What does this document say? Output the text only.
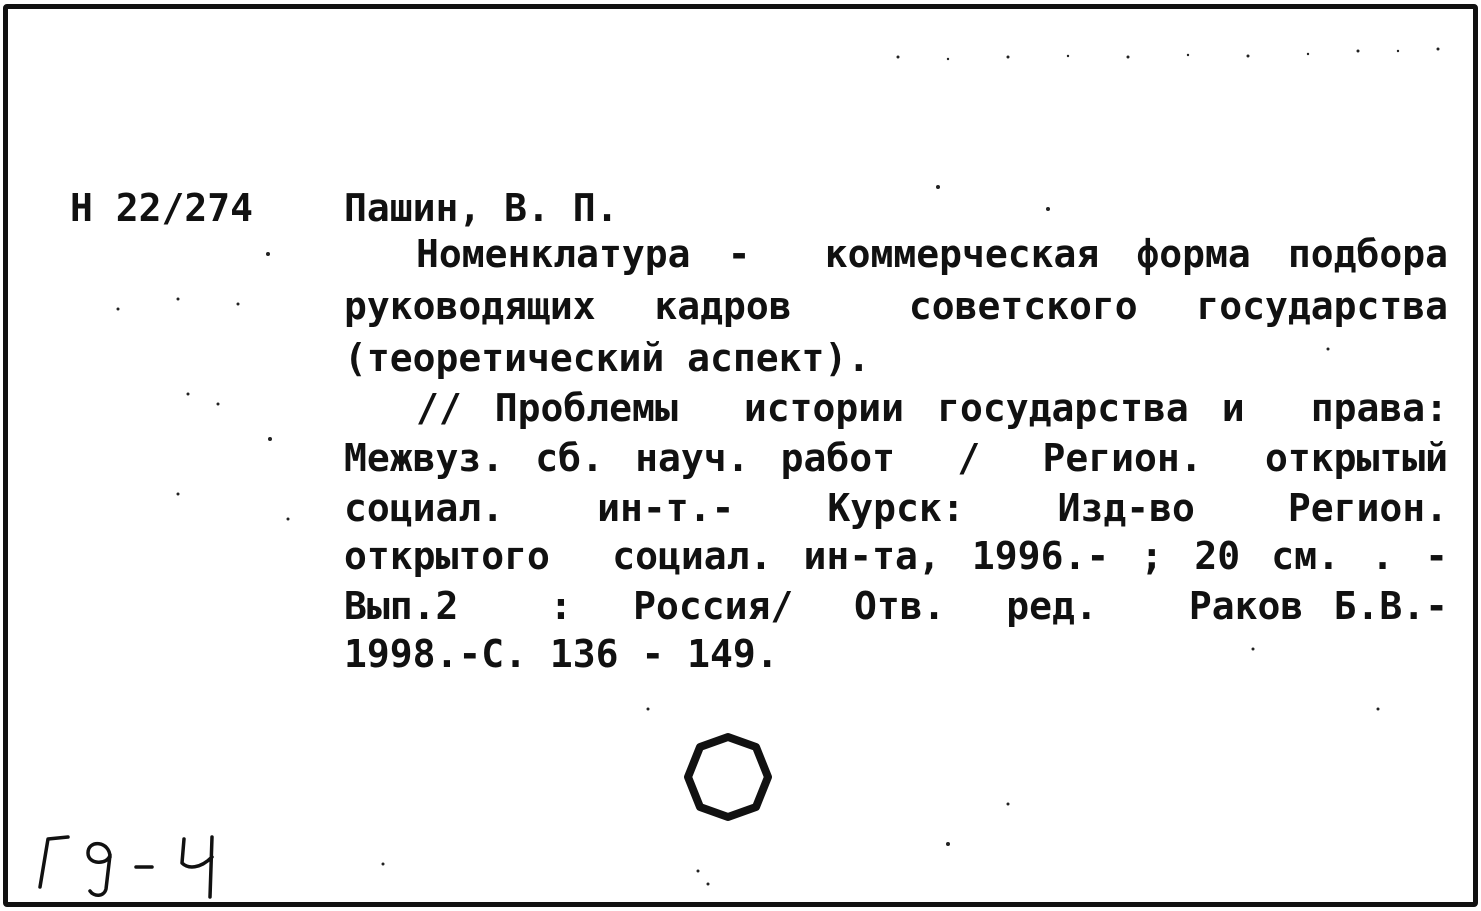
Н 22/274 Пашин, В. П.
Номенклатура -  коммерческая форма подбора
руководящих кадров  советского государства
(теоретический аспект).
// Проблемы  истории государства и  права:
Межвуз. сб. науч. работ  /  Регион.  открытый
социал.  ин-т.-  Курск:  Изд-во  Регион.
открытого  социал. ин-та, 1996.- ; 20 см. . -
Вып.2   :  Россия/  Отв.  ред.   Раков Б.В.-
1998.-С. 136 - 149.
